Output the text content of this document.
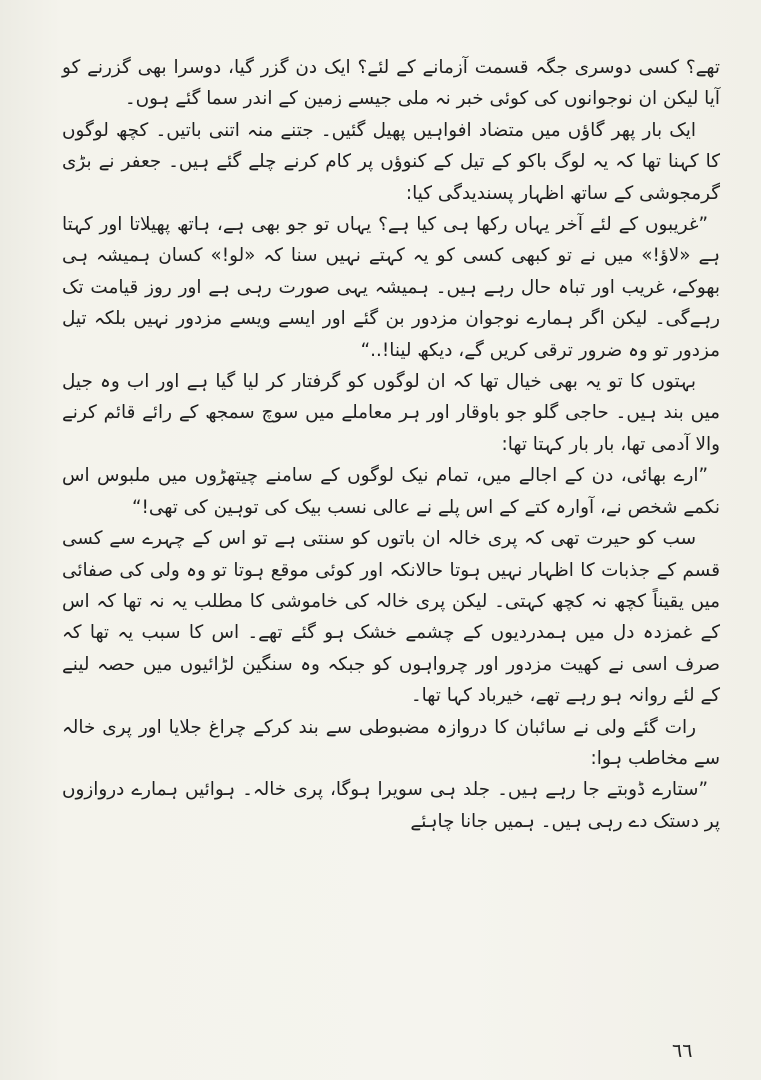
تھے؟ کسی دوسری جگہ قسمت آزمانے کے لئے؟ ایک دن گزر گیا، دوسرا بھی گزرنے کو آیا لیکن ان نوجوانوں کی کوئی خبر نہ ملی جیسے زمین کے اندر سما گئے ہوں۔

ایک بار پھر گاؤں میں متضاد افواہیں پھیل گئیں۔ جتنے منہ اتنی باتیں۔ کچھ لوگوں کا کہنا تھا کہ یہ لوگ باکو کے تیل کے کنوؤں پر کام کرنے چلے گئے ہیں۔ جعفر نے بڑی گرمجوشی کے ساتھ اظہار پسندیدگی کیا:

”غریبوں کے لئے آخر یہاں رکھا ہی کیا ہے؟ یہاں تو جو بھی ہے، ہاتھ پھیلاتا اور کہتا ہے «لاؤ!» میں نے تو کبھی کسی کو یہ کہتے نہیں سنا کہ «لو!» کسان ہمیشہ ہی بھوکے، غریب اور تباہ حال رہے ہیں۔ ہمیشہ یہی صورت رہی ہے اور روز قیامت تک رہےگی۔ لیکن اگر ہمارے نوجوان مزدور بن گئے اور ایسے ویسے مزدور نہیں بلکہ تیل مزدور تو وہ ضرور ترقی کریں گے، دیکھ لینا!..“

بہتوں کا تو یہ بھی خیال تھا کہ ان لوگوں کو گرفتار کر لیا گیا ہے اور اب وہ جیل میں بند ہیں۔ حاجی گلو جو باوقار اور ہر معاملے میں سوچ سمجھ کے رائے قائم کرنے والا آدمی تھا، بار بار کہتا تھا:

”ارے بھائی، دن کے اجالے میں، تمام نیک لوگوں کے سامنے چیتھڑوں میں ملبوس اس نکمے شخص نے، آوارہ کتے کے اس پلے نے عالی نسب بیک کی توہین کی تھی!“

سب کو حیرت تھی کہ پری خالہ ان باتوں کو سنتی ہے تو اس کے چہرے سے کسی قسم کے جذبات کا اظہار نہیں ہوتا حالانکہ اور کوئی موقع ہوتا تو وہ ولی کی صفائی میں یقیناً کچھ نہ کچھ کہتی۔ لیکن پری خالہ کی خاموشی کا مطلب یہ نہ تھا کہ اس کے غمزدہ دل میں ہمدردیوں کے چشمے خشک ہو گئے تھے۔ اس کا سبب یہ تھا کہ صرف اسی نے کھیت مزدور اور چرواہوں کو جبکہ وہ سنگین لڑائیوں میں حصہ لینے کے لئے روانہ ہو رہے تھے، خیرباد کہا تھا۔

رات گئے ولی نے سائبان کا دروازہ مضبوطی سے بند کرکے چراغ جلایا اور پری خالہ سے مخاطب ہوا:

”ستارے ڈوبتے جا رہے ہیں۔ جلد ہی سویرا ہوگا، پری خالہ۔ ہوائیں ہمارے دروازوں پر دستک دے رہی ہیں۔ ہمیں جانا چاہئے

٦٦
